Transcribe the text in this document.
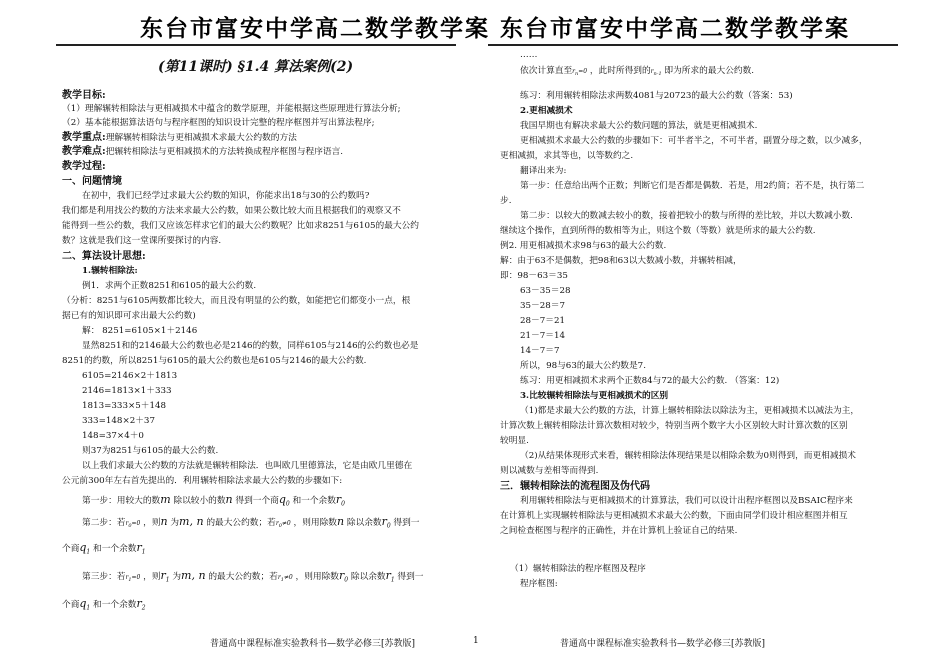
东台市富安中学高二数学教学案 东台市富安中学高二数学教学案
(第11课时) §1.4 算法案例(2)
教学目标:
（1）理解辗转相除法与更相减损术中蕴含的数学原理，并能根据这些原理进行算法分析;
（2）基本能根据算法语句与程序框图的知识设计完整的程序框图并写出算法程序;
教学重点:理解辗转相除法与更相减损术求最大公约数的方法
教学难点:把辗转相除法与更相减损术的方法转换成程序框图与程序语言.
教学过程:
一、问题情境
在初中，我们已经学过求最大公约数的知识，你能求出18与30的公约数吗?
我们都是利用找公约数的方法来求最大公约数，如果公数比较大而且根据我们的观察又不
能得到一些公约数，我们又应该怎样求它们的最大公约数呢？比如求8251与6105的最大公约
数？这就是我们这一堂课所要探讨的内容.
二、算法设计思想:
1.辗转相除法:
例1．求两个正数8251和6105的最大公约数.
（分析：8251与6105两数都比较大，而且没有明显的公约数，如能把它们都变小一点，根
据已有的知识即可求出最大公约数)
解： 8251=6105×1＋2146
显然8251和的2146最大公约数也必是2146的约数，同样6105与2146的公约数也必是
8251的约数，所以8251与6105的最大公约数也是6105与2146的最大公约数.
6105=2146×2＋1813
2146=1813×1＋333
1813=333×5＋148
333=148×2＋37
148=37×4＋0
则37为8251与6105的最大公约数.
以上我们求最大公约数的方法就是辗转相除法．也叫欧几里德算法，它是由欧几里德在
公元前300年左右首先提出的．利用辗转相除法求最大公约数的步骤如下:
第一步：用较大的数m 除以较小的数n 得到一个商$q_0$ 和一个余数$r_0$
第二步：若$r_0=0$ ，则n 为m, n 的最大公约数；若$r_0\ne 0$ ，则用除数n 除以余数$r_0$ 得到一
个商$q_1$ 和一个余数$r_1$
第三步：若$r_1=0$ ，则$r_1$ 为m, n 的最大公约数；若$r_1\ne 0$ ，则用除数$r_0$ 除以余数$r_1$ 得到一
个商$q_1$ 和一个余数$r_2$
普通高中课程标准实验教科书—数学必修三[苏教版]	1
……
依次计算直至$r_n=0$ ，此时所得到的$r_{n-1}$ 即为所求的最大公约数.
练习：利用辗转相除法求两数4081与20723的最大公约数（答案：53)
2.更相减损术
我国早期也有解决求最大公约数问题的算法，就是更相减损术.
更相减损术求最大公约数的步骤如下：可半者半之，不可半者，副置分母之数，以少减多，
更相减损，求其等也，以等数约之.
翻译出来为:
第一步：任意给出两个正数；判断它们是否都是偶数．若是，用2约简；若不是，执行第二
步.
第二步：以较大的数减去较小的数，接着把较小的数与所得的差比较，并以大数减小数.
继续这个操作，直到所得的数相等为止，则这个数（等数）就是所求的最大公约数.
例2. 用更相减损术求98与63的最大公约数.
解：由于63不是偶数，把98和63以大数减小数，并辗转相减，
即：98－63＝35
63－35＝28
35－28＝7
28－7＝21
21－7＝14
14－7＝7
所以，98与63的最大公约数是7.
练习：用更相减损术求两个正数84与72的最大公约数. （答案：12)
3.比较辗转相除法与更相减损术的区别
（1)都是求最大公约数的方法，计算上辗转相除法以除法为主，更相减损术以减法为主，
计算次数上辗转相除法计算次数相对较少，特别当两个数字大小区别较大时计算次数的区别
较明显.
（2)从结果体现形式来看，辗转相除法体现结果是以相除余数为0则得到，而更相减损术
则以减数与差相等而得到.
三．辗转相除法的流程图及伪代码
利用辗转相除法与更相减损术的计算算法，我们可以设计出程序框图以及BSAIC程序来
在计算机上实现辗转相除法与更相减损术求最大公约数，下面由同学们设计相应框图并相互
之间检查框图与程序的正确性，并在计算机上验证自己的结果.
（1）辗转相除法的程序框图及程序
程序框图:
普通高中课程标准实验教科书—数学必修三[苏教版]
